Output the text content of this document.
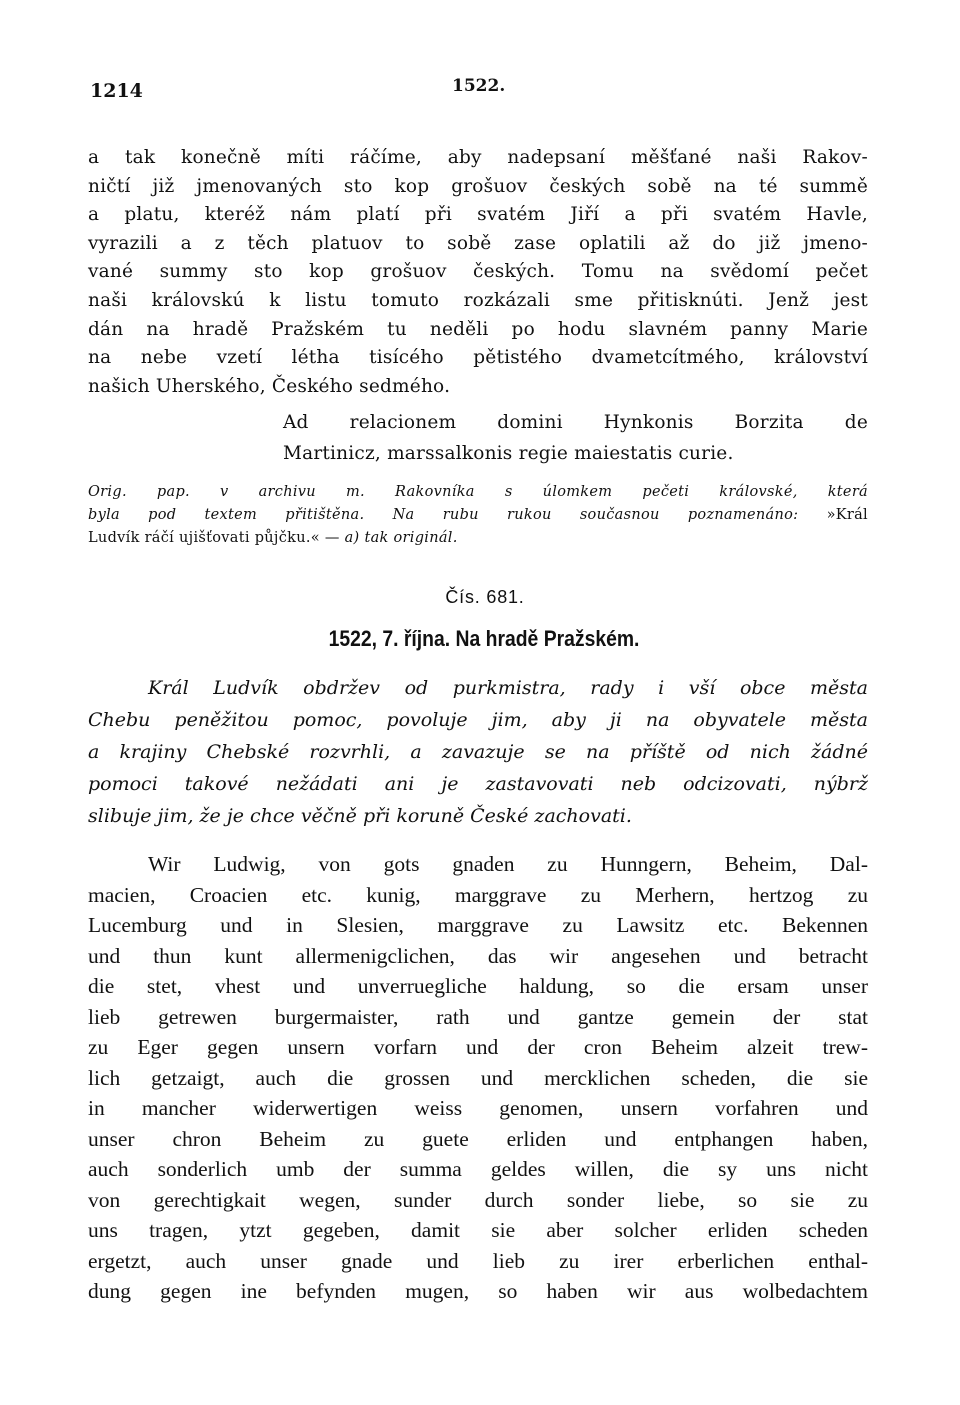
1214	1522.

a tak konečně míti ráčíme, aby nadepsaní měšťané naši Rakov-
ničtí již jmenovaných sto kop grošuov českých sobě na té summě
a platu, kteréž nám platí při svatém Jiří a při svatém Havle,
vyrazili a z těch platuov to sobě zase oplatili až do již jmeno-
vané summy sto kop grošuov českých. Tomu na svědomí pečet
naši královskú k listu tomuto rozkázali sme přitisknúti. Jenž jest
dán na hradě Pražském tu neděli po hodu slavném panny Marie
na nebe vzetí létha tisícého pětistého dvametcítmého, království
našich Uherského, Českého sedmého.

Ad relacionem domini Hynkonis Borzita de
Martinicz, marssalkonis regie maiestatis curie.

Orig. pap. v archivu m. Rakovníka s úlomkem pečeti královské, která
byla pod textem přitištěna. Na rubu rukou současnou poznamenáno: »Král
Ludvík ráčí ujišťovati půjčku.« — a) tak originál.

Čís. 681.
1522, 7. října. Na hradě Pražském.

Král Ludvík obdržev od purkmistra, rady i vší obce města
Chebu peněžitou pomoc, povoluje jim, aby ji na obyvatele města
a krajiny Chebské rozvrhli, a zavazuje se na příště od nich žádné
pomoci takové nežádati ani je zastavovati neb odcizovati, nýbrž
slibuje jim, že je chce věčně při koruně České zachovati.

Wir Ludwig, von gots gnaden zu Hunngern, Beheim, Dal-
macien, Croacien etc. kunig, marggrave zu Merhern, hertzog zu
Lucemburg und in Slesien, marggrave zu Lawsitz etc. Bekennen
und thun kunt allermenigclichen, das wir angesehen und betracht
die stet, vhest und unverruegliche haldung, so die ersam unser
lieb getrewen burgermaister, rath und gantze gemein der stat
zu Eger gegen unsern vorfarn und der cron Beheim alzeit trew-
lich getzaigt, auch die grossen und mercklichen scheden, die sie
in mancher widerwertigen weiss genomen, unsern vorfahren und
unser chron Beheim zu guete erliden und entphangen haben,
auch sonderlich umb der summa geldes willen, die sy uns nicht
von gerechtigkait wegen, sunder durch sonder liebe, so sie zu
uns tragen, ytzt gegeben, damit sie aber solcher erliden scheden
ergetzt, auch unser gnade und lieb zu irer erberlichen enthal-
dung gegen ine befynden mugen, so haben wir aus wolbedachtem
